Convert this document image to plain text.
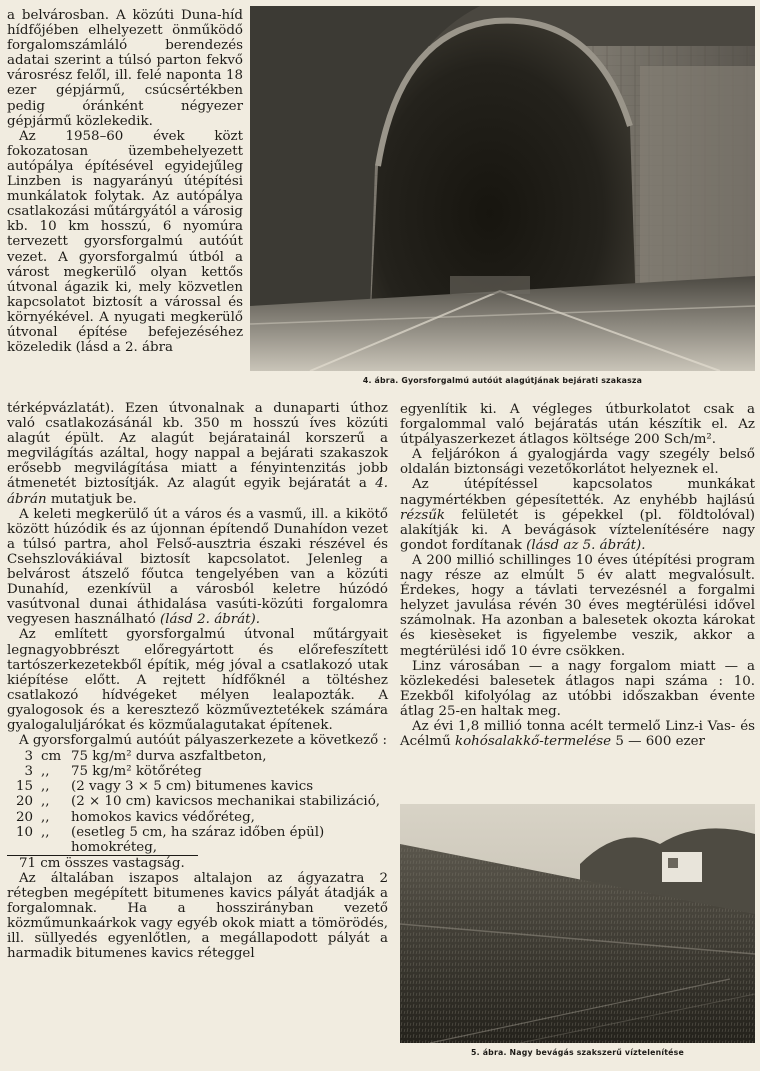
a belvárosban. A közúti Duna-híd hídfőjében elhelyezett önműködő forgalomszámláló berendezés adatai szerint a túlsó parton fekvő városrész felől, ill. felé naponta 18 ezer gépjármű, csúcsértékben pedig óránként négyezer gépjármű közlekedik.

Az 1958–60 évek közt fokozatosan üzembehelyezett autópálya építésével egyidejűleg Linzben is nagyarányú útépítési munkálatok folytak. Az autópálya csatlakozási műtárgyától a városig kb. 10 km hosszú, 6 nyomúra tervezett gyorsforgalmú autóút vezet. A gyorsforgalmú útból a várost megkerülő olyan kettős útvonal ágazik ki, mely közvetlen kapcsolatot biztosít a várossal és környékével. A nyugati megkerülő útvonal építése befejezéséhez közeledik (lásd a 2. ábra

4. ábra. Gyorsforgalmú autóút alagútjának bejárati szakasza

térképvázlatát). Ezen útvonalnak a dunaparti úthoz való csatlakozásánál kb. 350 m hosszú íves közúti alagút épült. Az alagút bejáratainál korszerű a megvilágítás azáltal, hogy nappal a bejárati szakaszok erősebb megvilágítása miatt a fényintenzitás jobb átmenetét biztosítják. Az alagút egyik bejáratát a 4. ábrán mutatjuk be.

A keleti megkerülő út a város és a vasmű, ill. a kikötő között húzódik és az újonnan építendő Dunahídon vezet a túlsó partra, ahol Felső-ausztria északi részével és Csehszlovákiával biztosít kapcsolatot. Jelenleg a belvárost átszelő főutca tengelyében van a közúti Dunahíd, ezenkívül a városból keletre húzódó vasútvonal dunai áthidalása vasúti-közúti forgalomra vegyesen használható (lásd 2. ábrát).

Az említett gyorsforgalmú útvonal műtárgyait legnagyobbrészt előregyártott és előrefeszített tartószerkezetekből építik, még jóval a csatlakozó utak kiépítése előtt. A rejtett hídfőknél a töltéshez csatlakozó hídvégeket mélyen lealapozták. A gyalogosok és a keresztező közműveztetékek számára gyalogaluljárókat és közműalagutakat építenek.

A gyorsforgalmú autóút pályaszerkezete a következő :

3 cm 75 kg/m² durva aszfaltbeton,
3 ,,	75 kg/m² kötőréteg
15 ,,	(2 vagy 3 × 5 cm) bitumenes kavics
20 ,,	(2 × 10 cm) kavicsos mechanikai stabilizáció,
20 ,,	homokos kavics védőréteg,
10 ,,	(esetleg 5 cm, ha száraz időben épül) homokréteg,
71 cm összes vastagság.

Az általában iszapos altalajon az ágyazatra 2 rétegben megépített bitumenes kavics pályát átadják a forgalomnak. Ha a hosszirányban vezető közműmunkaárkok vagy egyéb okok miatt a tömörödés, ill. süllyedés egyenlőtlen, a megállapodott pályát a harmadik bitumenes kavics réteggel

egyenlítik ki. A végleges útburkolatot csak a forgalommal való bejáratás után készítik el. Az útpályaszerkezet átlagos költsége 200 Sch/m².

A feljárókon á gyalogjárda vagy szegély belső oldalán biztonsági vezetőkorlátot helyeznek el.

Az útépítéssel kapcsolatos munkákat nagymértékben gépesítették. Az enyhébb hajlású rézsűk felületét is gépekkel (pl. földtolóval) alakítják ki. A bevágások víztelenítésére nagy gondot fordítanak (lásd az 5. ábrát).

A 200 millió schillinges 10 éves útépítési program nagy része az elmúlt 5 év alatt megvalósult. Érdekes, hogy a távlati tervezésnél a forgalmi helyzet javulása révén 30 éves megtérülési idővel számolnak. Ha azonban a balesetek okozta károkat és kiesèseket is figyelembe veszik, akkor a megtérülési idő 10 évre csökken.

Linz városában — a nagy forgalom miatt — a közlekedési balesetek átlagos napi száma : 10. Ezekből kifolyólag az utóbbi időszakban évente átlag 25-en haltak meg.

Az évi 1,8 millió tonna acélt termelő Linz-i Vas- és Acélmű kohósalakkő-termelése 5 — 600 ezer

5. ábra. Nagy bevágás szakszerű víztelenítése
